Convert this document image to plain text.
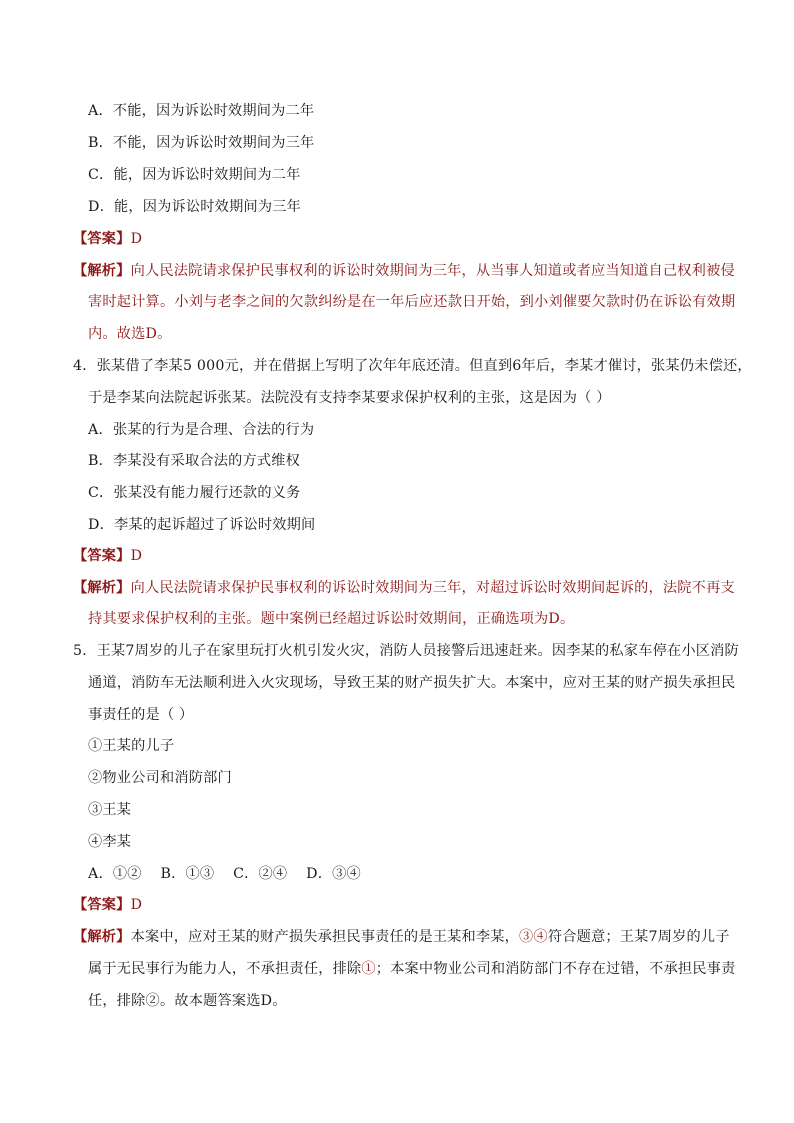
A．不能，因为诉讼时效期间为二年
B．不能，因为诉讼时效期间为三年
C．能，因为诉讼时效期间为二年
D．能，因为诉讼时效期间为三年
【答案】D
【解析】向人民法院请求保护民事权利的诉讼时效期间为三年，从当事人知道或者应当知道自己权利被侵
害时起计算。小刘与老李之间的欠款纠纷是在一年后应还款日开始，到小刘催要欠款时仍在诉讼有效期
内。故选D。
4．张某借了李某5 000元，并在借据上写明了次年年底还清。但直到6年后，李某才催讨，张某仍未偿还，
于是李某向法院起诉张某。法院没有支持李某要求保护权利的主张，这是因为（ ）
A．张某的行为是合理、合法的行为
B．李某没有采取合法的方式维权
C．张某没有能力履行还款的义务
D．李某的起诉超过了诉讼时效期间
【答案】D
【解析】向人民法院请求保护民事权利的诉讼时效期间为三年，对超过诉讼时效期间起诉的，法院不再支
持其要求保护权利的主张。题中案例已经超过诉讼时效期间，正确选项为D。
5．王某7周岁的儿子在家里玩打火机引发火灾，消防人员接警后迅速赶来。因李某的私家车停在小区消防
通道，消防车无法顺利进入火灾现场，导致王某的财产损失扩大。本案中，应对王某的财产损失承担民
事责任的是（ ）
①王某的儿子
②物业公司和消防部门
③王某
④李某
A．①②    B．①③    C．②④    D．③④
【答案】D
【解析】本案中，应对王某的财产损失承担民事责任的是王某和李某，③④符合题意；王某7周岁的儿子
属于无民事行为能力人，不承担责任，排除①；本案中物业公司和消防部门不存在过错，不承担民事责
任，排除②。故本题答案选D。
